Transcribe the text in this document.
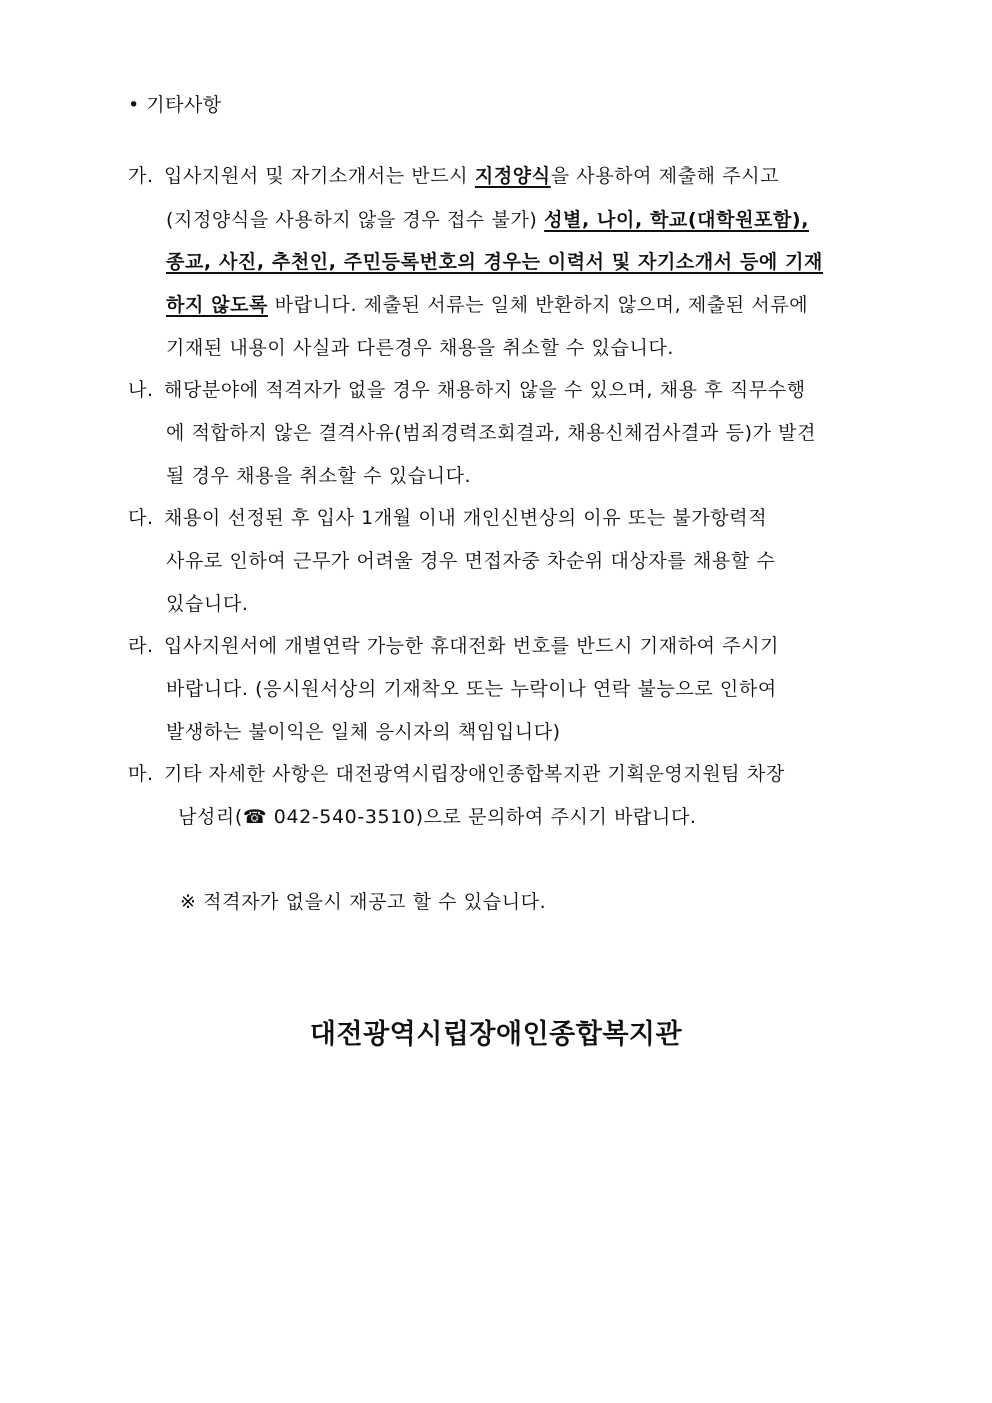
• 기타사항
가. 입사지원서 및 자기소개서는 반드시 지정양식을 사용하여 제출해 주시고
(지정양식을 사용하지 않을 경우 접수 불가) 성별, 나이, 학교(대학원포함),
종교, 사진, 추천인, 주민등록번호의 경우는 이력서 및 자기소개서 등에 기재
하지 않도록 바랍니다. 제출된 서류는 일체 반환하지 않으며, 제출된 서류에
기재된 내용이 사실과 다른경우 채용을 취소할 수 있습니다.
나. 해당분야에 적격자가 없을 경우 채용하지 않을 수 있으며, 채용 후 직무수행
에 적합하지 않은 결격사유(범죄경력조회결과, 채용신체검사결과 등)가 발견
될 경우 채용을 취소할 수 있습니다.
다. 채용이 선정된 후 입사 1개월 이내 개인신변상의 이유 또는 불가항력적
사유로 인하여 근무가 어려울 경우 면접자중 차순위 대상자를 채용할 수
있습니다.
라. 입사지원서에 개별연락 가능한 휴대전화 번호를 반드시 기재하여 주시기
바랍니다. (응시원서상의 기재착오 또는 누락이나 연락 불능으로 인하여
발생하는 불이익은 일체 응시자의 책임입니다)
마. 기타 자세한 사항은 대전광역시립장애인종합복지관 기획운영지원팀 차장
남성리(☎ 042-540-3510)으로 문의하여 주시기 바랍니다.
※ 적격자가 없을시 재공고 할 수 있습니다.
대전광역시립장애인종합복지관
